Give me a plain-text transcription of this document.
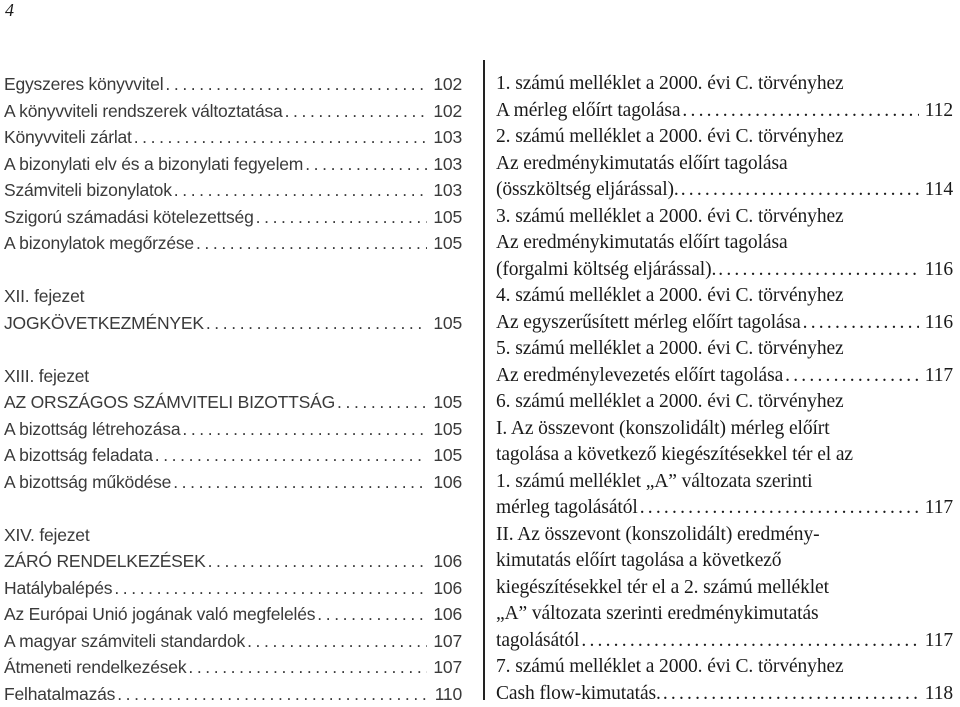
4
Egyszeres könyvvitel .....	102
A könyvviteli rendszerek változtatása .....	102
Könyvviteli zárlat .....	103
A bizonylati elv és a bizonylati fegyelem .....	103
Számviteli bizonylatok .....	103
Szigorú számadási kötelezettség .....	105
A bizonylatok megőrzése .....	105
XII. fejezet
JOGKÖVETKEZMÉNYEK .....	105
XIII. fejezet
AZ ORSZÁGOS SZÁMVITELI BIZOTTSÁG .....	105
A bizottság létrehozása .....	105
A bizottság feladata .....	105
A bizottság működése .....	106
XIV. fejezet
ZÁRÓ RENDELKEZÉSEK .....	106
Hatálybalépés .....	106
Az Európai Unió jogának való megfelelés .....	106
A magyar számviteli standardok .....	107
Átmeneti rendelkezések .....	107
Felhatalmazás .....	110
1. számú melléklet a 2000. évi C. törvényhez
A mérleg előírt tagolása .....	112
2. számú melléklet a 2000. évi C. törvényhez
Az eredménykimutatás előírt tagolása
(összköltség eljárással). .....	114
3. számú melléklet a 2000. évi C. törvényhez
Az eredménykimutatás előírt tagolása
(forgalmi költség eljárással). .....	116
4. számú melléklet a 2000. évi C. törvényhez
Az egyszerűsített mérleg előírt tagolása .....	116
5. számú melléklet a 2000. évi C. törvényhez
Az eredménylevezetés előírt tagolása .....	117
6. számú melléklet a 2000. évi C. törvényhez
I. Az összevont (konszolidált) mérleg előírt
tagolása a következő kiegészítésekkel tér el az
1. számú melléklet „A” változata szerinti
mérleg tagolásától .....	117
II. Az összevont (konszolidált) eredmény-
kimutatás előírt tagolása a következő
kiegészítésekkel tér el a 2. számú melléklet
„A” változata szerinti eredménykimutatás
tagolásától .....	117
7. számú melléklet a 2000. évi C. törvényhez
Cash flow-kimutatás. .....	118
